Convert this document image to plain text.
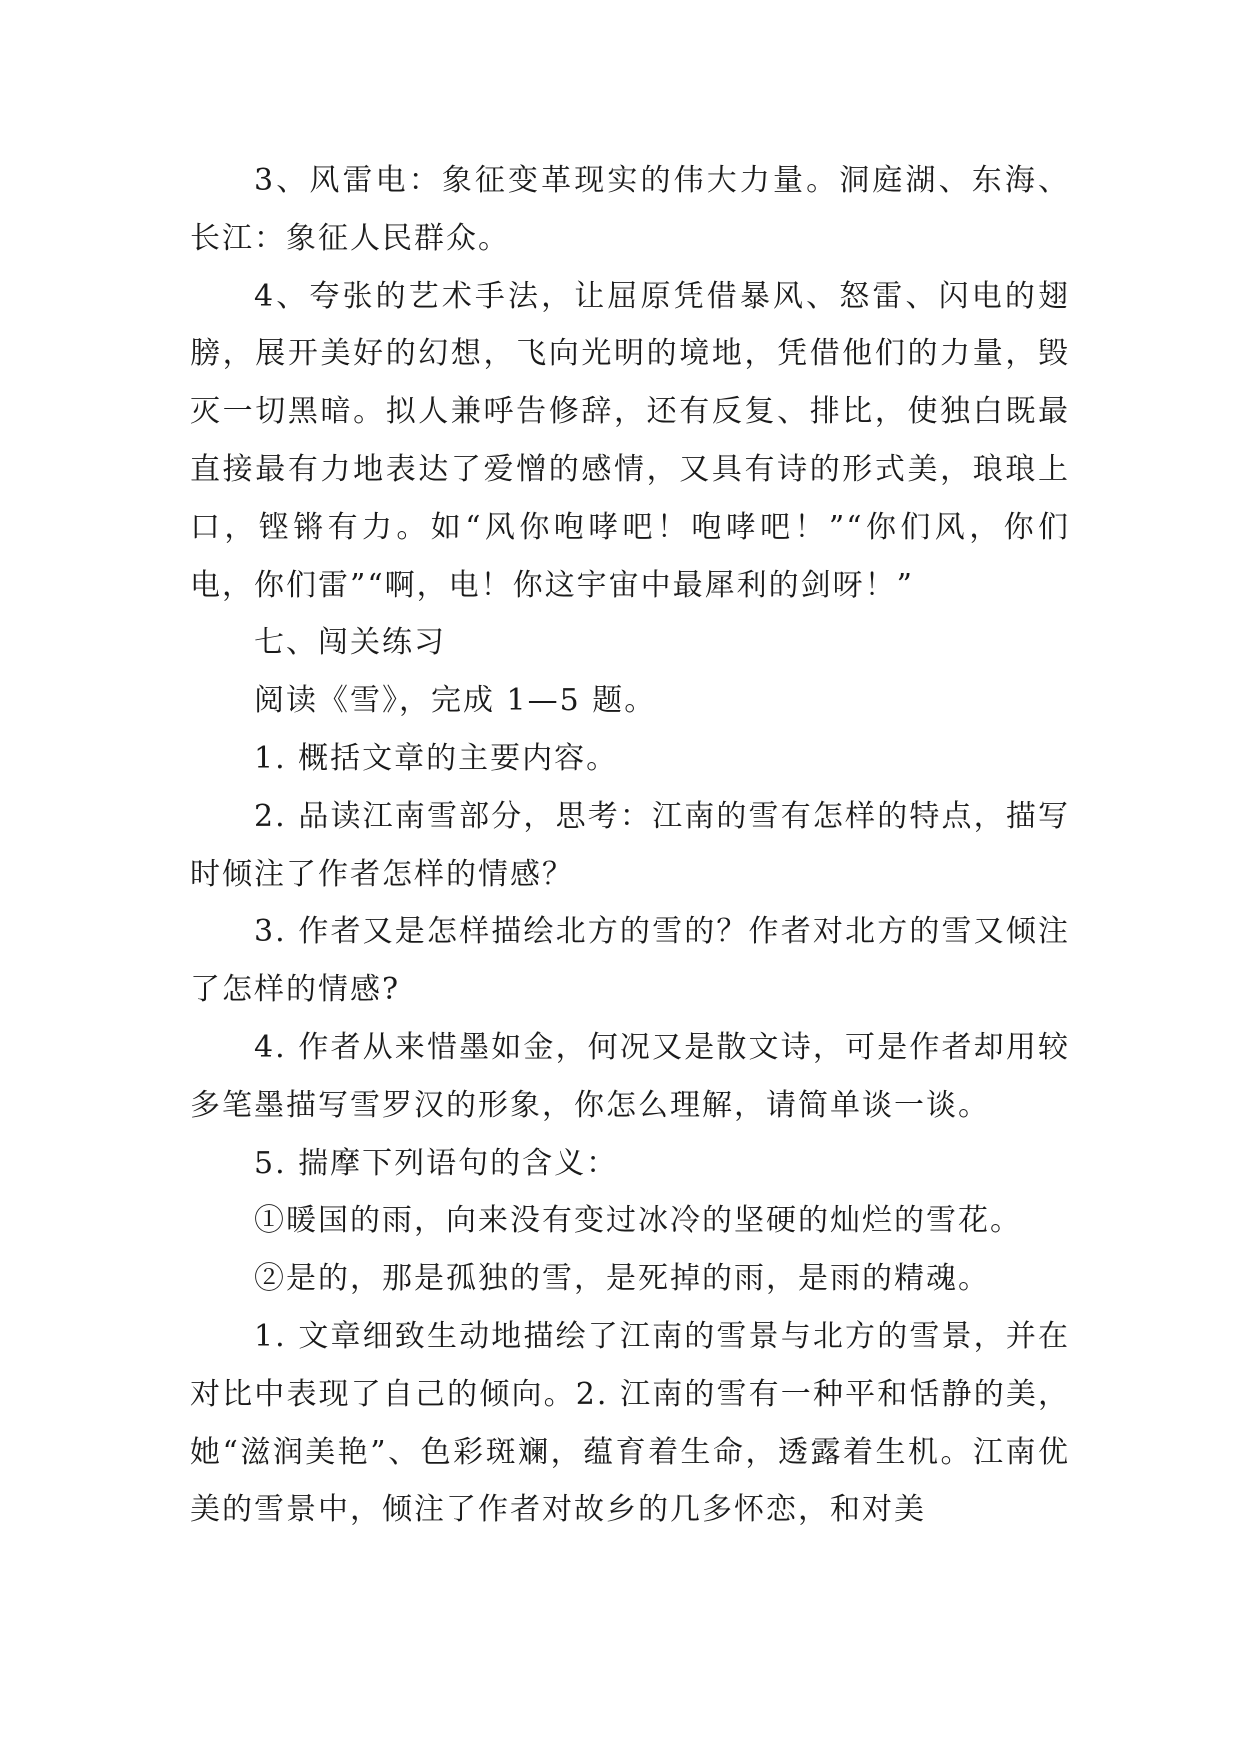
3、风雷电：象征变革现实的伟大力量。洞庭湖、东海、长江：象征人民群众。

4、夸张的艺术手法，让屈原凭借暴风、怒雷、闪电的翅膀，展开美好的幻想，飞向光明的境地，凭借他们的力量，毁灭一切黑暗。拟人兼呼告修辞，还有反复、排比，使独白既最直接最有力地表达了爱憎的感情，又具有诗的形式美，琅琅上口，铿锵有力。如“风你咆哮吧！咆哮吧！”“你们风，你们电，你们雷”“啊，电！你这宇宙中最犀利的剑呀！”

七、闯关练习

阅读《雪》，完成 1—5 题。

1. 概括文章的主要内容。

2. 品读江南雪部分，思考：江南的雪有怎样的特点，描写时倾注了作者怎样的情感？

3. 作者又是怎样描绘北方的雪的？作者对北方的雪又倾注了怎样的情感?

4. 作者从来惜墨如金，何况又是散文诗，可是作者却用较多笔墨描写雪罗汉的形象，你怎么理解，请简单谈一谈。

5. 揣摩下列语句的含义：

①暖国的雨，向来没有变过冰冷的坚硬的灿烂的雪花。

②是的，那是孤独的雪，是死掉的雨，是雨的精魂。

1. 文章细致生动地描绘了江南的雪景与北方的雪景，并在对比中表现了自己的倾向。2. 江南的雪有一种平和恬静的美，她“滋润美艳”、色彩斑斓，蕴育着生命，透露着生机。江南优美的雪景中，倾注了作者对故乡的几多怀恋，和对美
